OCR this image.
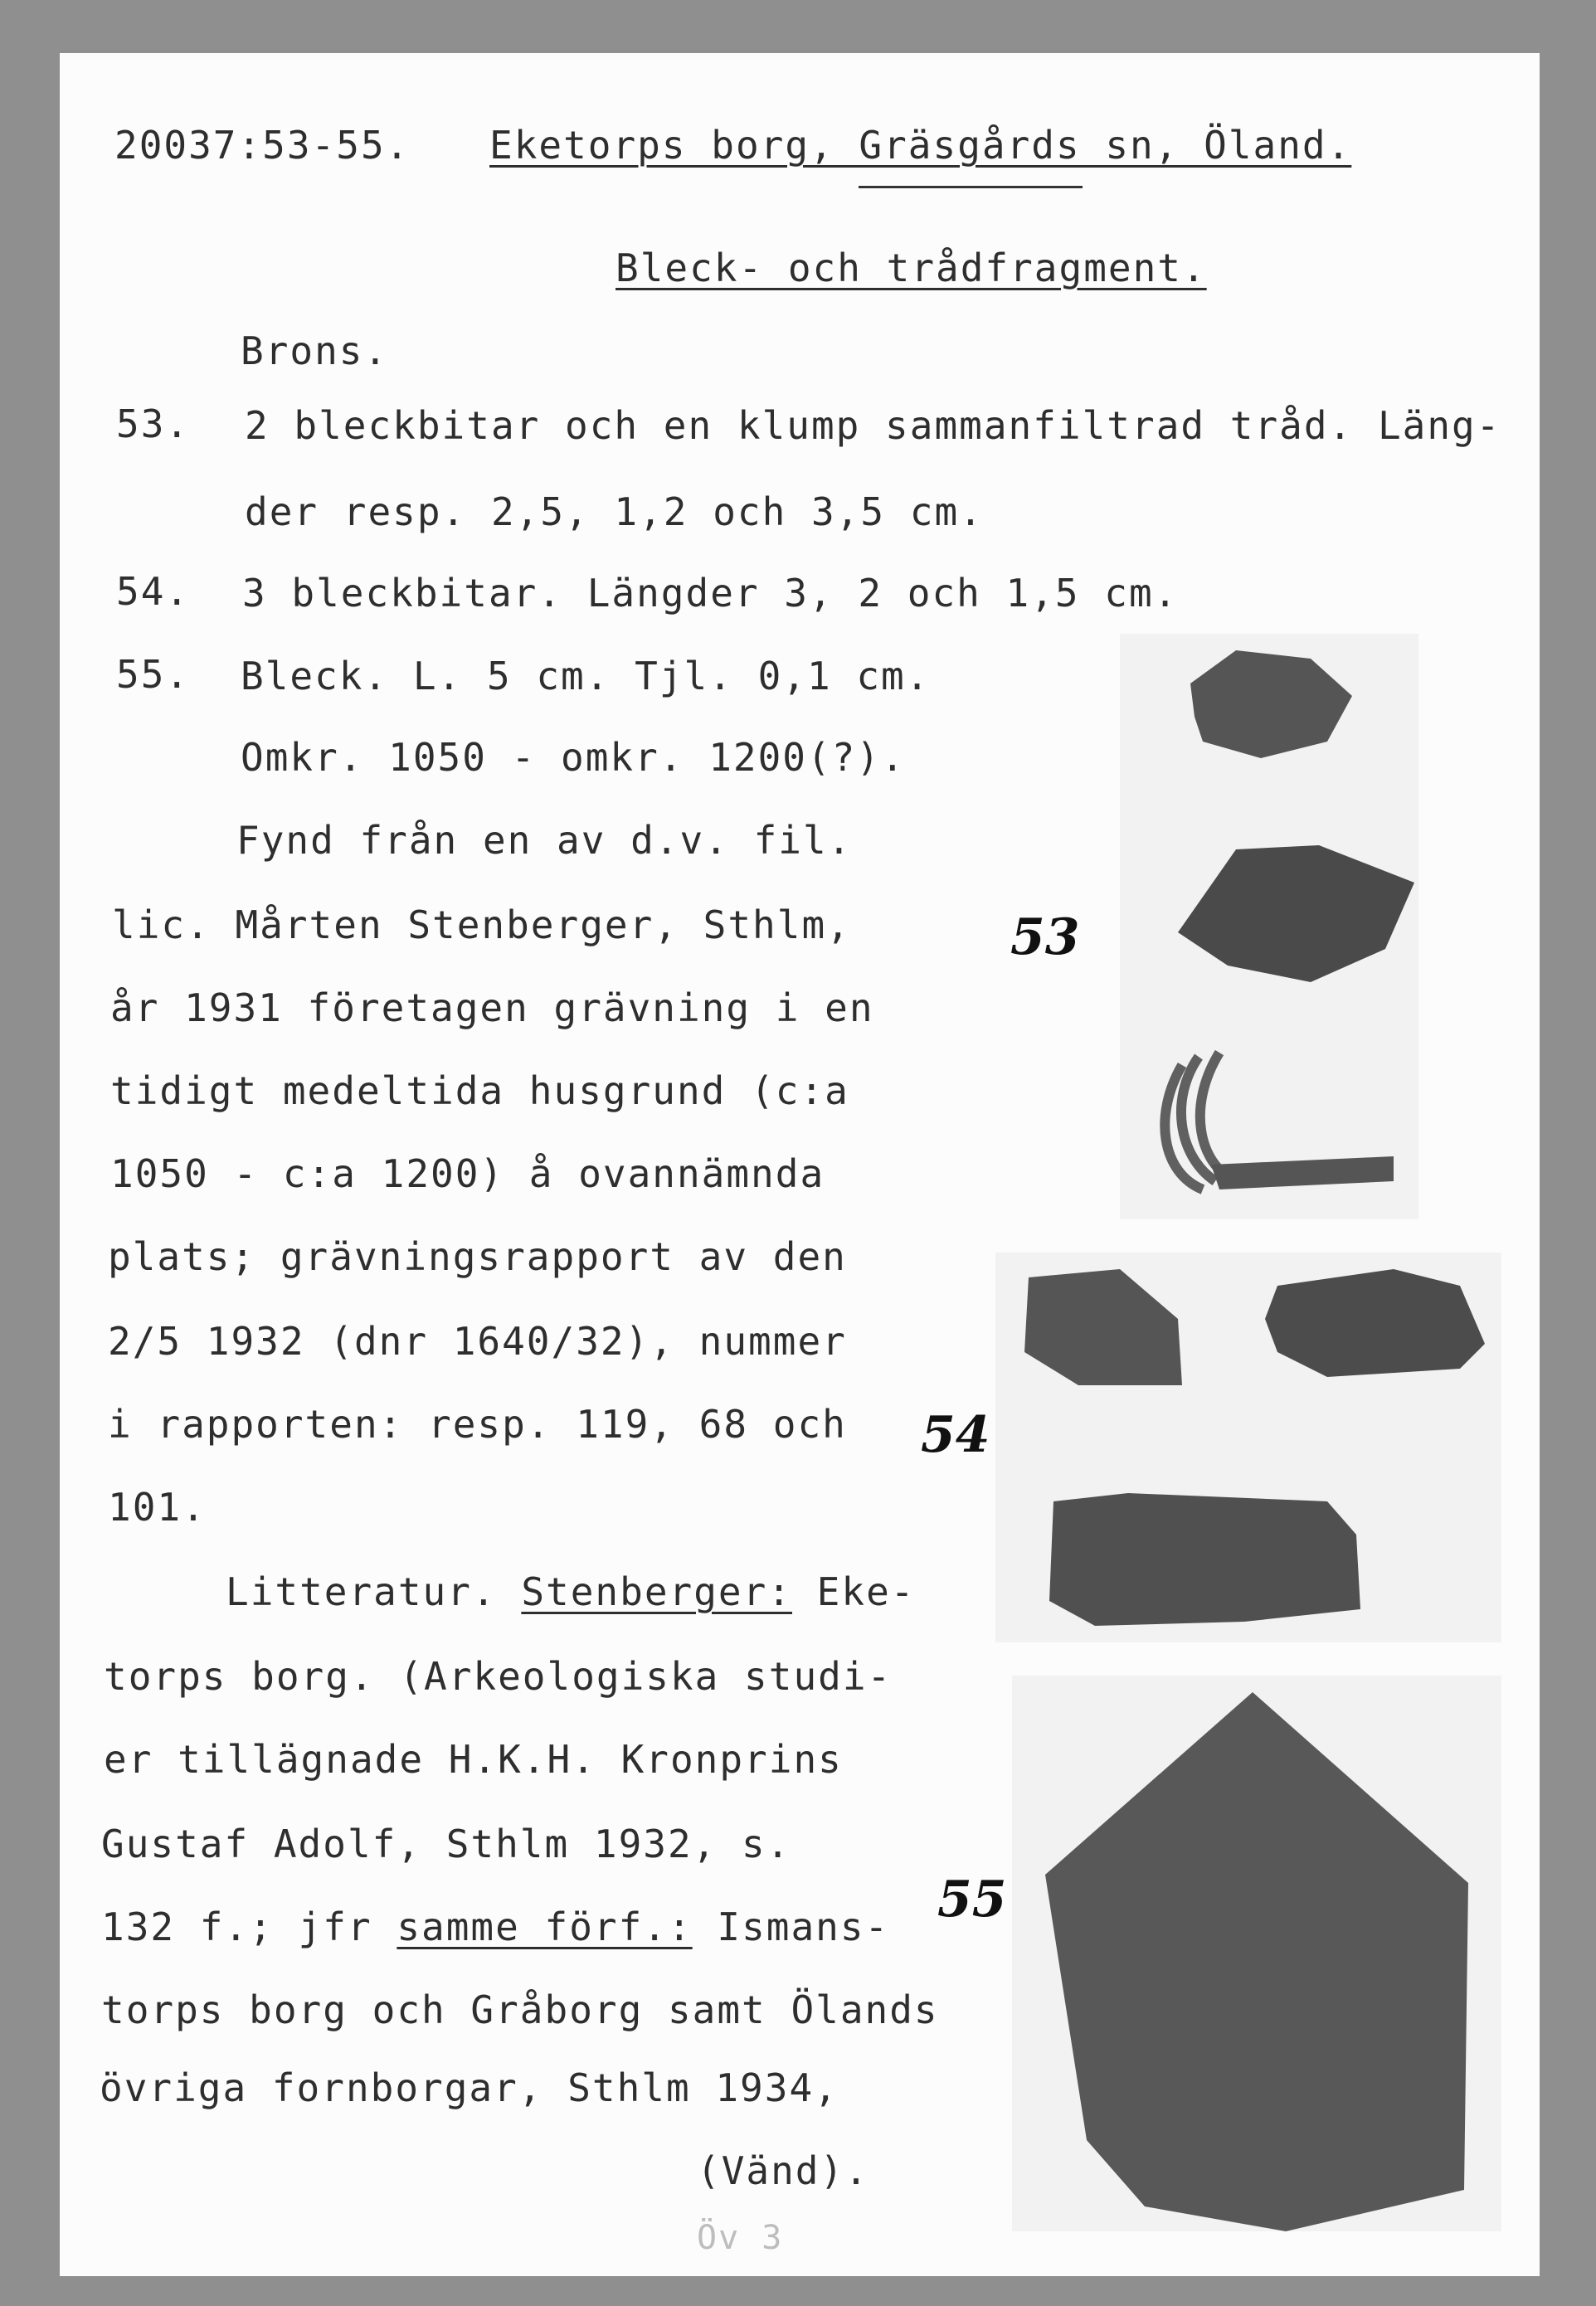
20037:53-55. Eketorps borg, Gräsgårds sn, Öland.
Bleck- och trådfragment.
Brons.
53. 2 bleckbitar och en klump sammanfiltrad tråd. Läng-
der resp. 2,5, 1,2 och 3,5 cm.
54. 3 bleckbitar. Längder 3, 2 och 1,5 cm.
55. Bleck. L. 5 cm. Tjl. 0,1 cm.
Omkr. 1050 - omkr. 1200(?).
Fynd från en av d.v. fil.
lic. Mårten Stenberger, Sthlm,
år 1931 företagen grävning i en
tidigt medeltida husgrund (c:a
1050 - c:a 1200) å ovannämnda
plats; grävningsrapport av den
2/5 1932 (dnr 1640/32), nummer
i rapporten: resp. 119, 68 och
101.
Litteratur. Stenberger: Eke-
torps borg. (Arkeologiska studi-
er tillägnade H.K.H. Kronprins
Gustaf Adolf, Sthlm 1932, s.
132 f.; jfr samme förf.: Ismans-
torps borg och Gråborg samt Ölands
övriga fornborgar, Sthlm 1934,
(Vänd).
Öv 3
53
54
55
